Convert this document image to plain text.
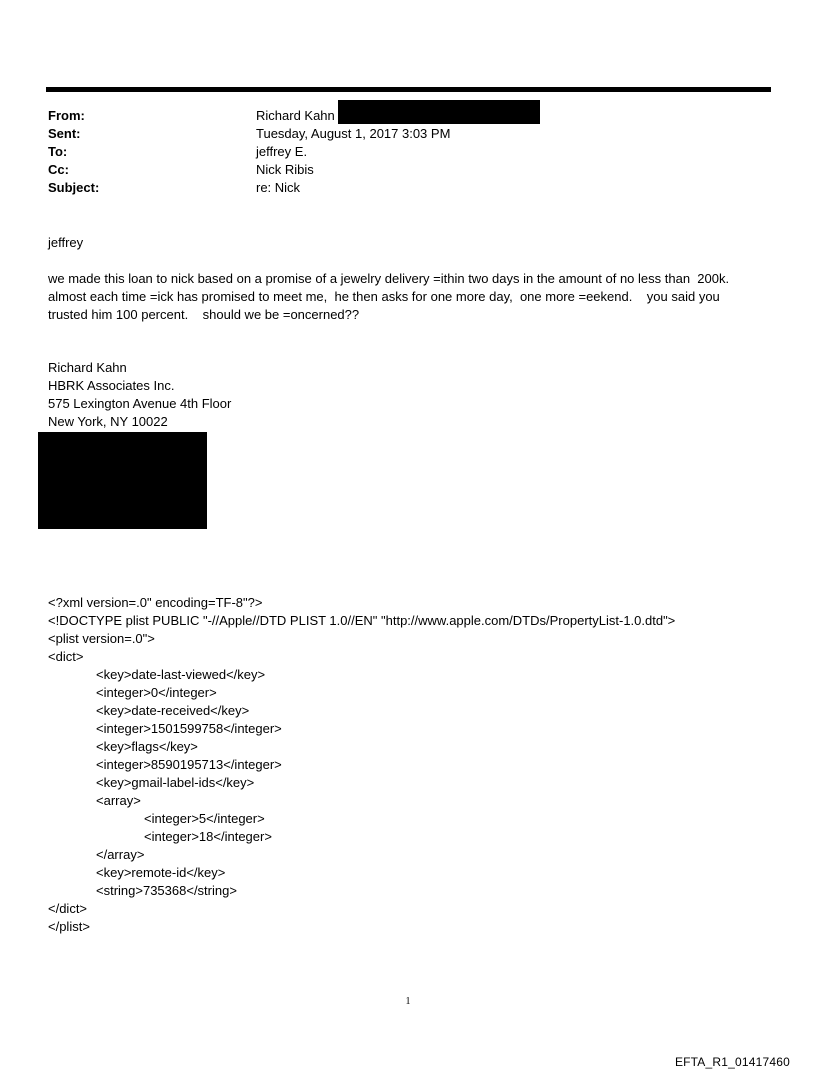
From:	Richard Kahn
Sent:	Tuesday, August 1, 2017 3:03 PM
To:	jeffrey E.
Cc:	Nick Ribis
Subject:	re: Nick
jeffrey
we made this loan to nick based on a promise of a jewelry delivery =ithin two days in the amount of no less than  200k.
almost each time =ick has promised to meet me,  he then asks for one more day,  one more =eekend.    you said you
trusted him 100 percent.    should we be =oncerned??
Richard Kahn
HBRK Associates Inc.
575 Lexington Avenue 4th Floor
New York, NY 10022
<?xml version=.0" encoding=TF-8"?>
<!DOCTYPE plist PUBLIC "-//Apple//DTD PLIST 1.0//EN" "http://www.apple.com/DTDs/PropertyList-1.0.dtd">
<plist version=.0">
<dict>
<key>date-last-viewed</key>
<integer>0</integer>
<key>date-received</key>
<integer>1501599758</integer>
<key>flags</key>
<integer>8590195713</integer>
<key>gmail-label-ids</key>
<array>
<integer>5</integer>
<integer>18</integer>
</array>
<key>remote-id</key>
<string>735368</string>
</dict>
</plist>
1
EFTA_R1_01417460
